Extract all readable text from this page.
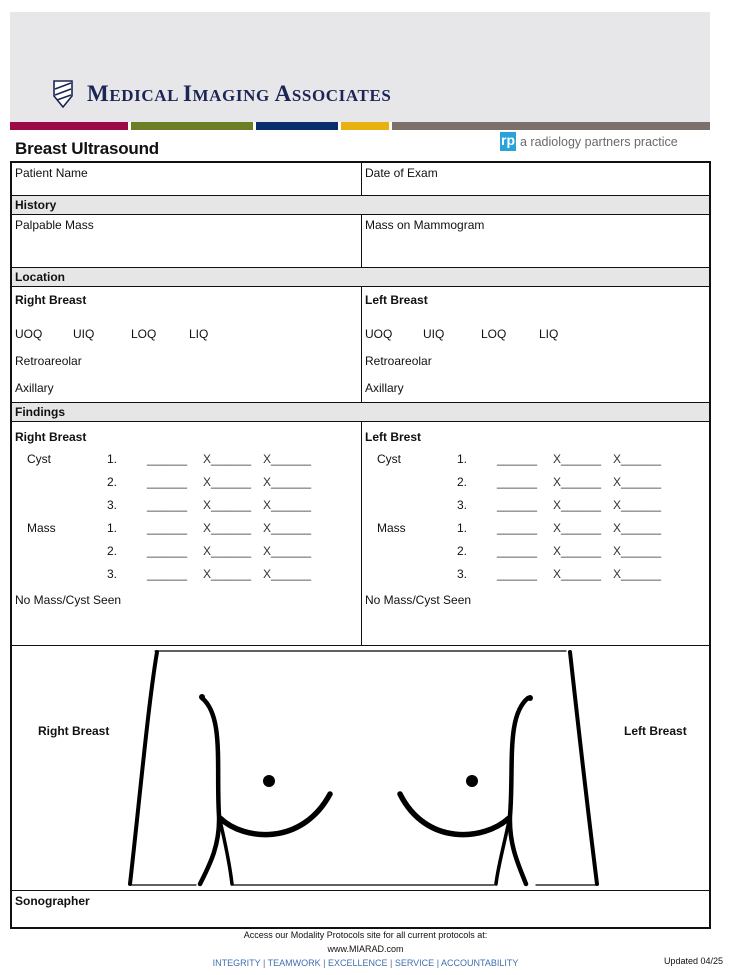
MEDICAL IMAGING ASSOCIATES
rp a radiology partners practice
Breast Ultrasound
Patient Name	Date of Exam
History
Palpable Mass	Mass on Mammogram
Location
Right Breast
UOQ	UIQ	LOQ	LIQ
Retroareolar
Axillary
Left Breast
UOQ	UIQ	LOQ	LIQ
Retroareolar
Axillary
Findings
Right Breast
Cyst	1.	______	X______ X______
2.	______	X______ X______
3.	______	X______ X______
Mass	1.	______	X______ X______
2.	______	X______ X______
3.	______	X______ X______
No Mass/Cyst Seen
Left Brest
Cyst	1.	______	X______ X______
2.	______	X______ X______
3.	______	X______ X______
Mass	1.	______	X______ X______
2.	______	X______ X______
3.	______	X______ X______
No Mass/Cyst Seen
Right Breast	Left Breast
Sonographer
Access our Modality Protocols site for all current protocols at:
www.MIARAD.com
INTEGRITY | TEAMWORK | EXCELLENCE | SERVICE | ACCOUNTABILITY	Updated 04/25
